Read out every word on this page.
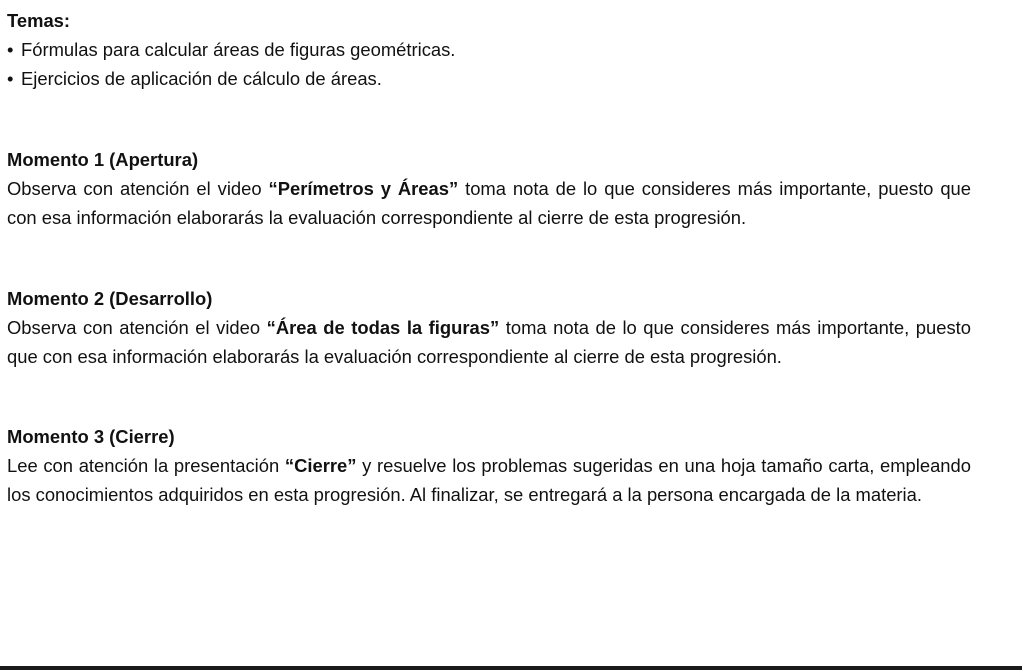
Temas:
• Fórmulas para calcular áreas de figuras geométricas.
• Ejercicios de aplicación de cálculo de áreas.
Momento 1 (Apertura)

Observa con atención el video “Perímetros y Áreas” toma nota de lo que consideres más importante, puesto que con esa información elaborarás la evaluación correspondiente al cierre de esta progresión.

Momento 2 (Desarrollo)

Observa con atención el video “Área de todas la figuras” toma nota de lo que consideres más importante, puesto que con esa información elaborarás la evaluación correspondiente al cierre de esta progresión.

Momento 3 (Cierre)

Lee con atención la presentación “Cierre” y resuelve los problemas sugeridas en una hoja tamaño carta, empleando los conocimientos adquiridos en esta progresión. Al finalizar, se entregará a la persona encargada de la materia.
